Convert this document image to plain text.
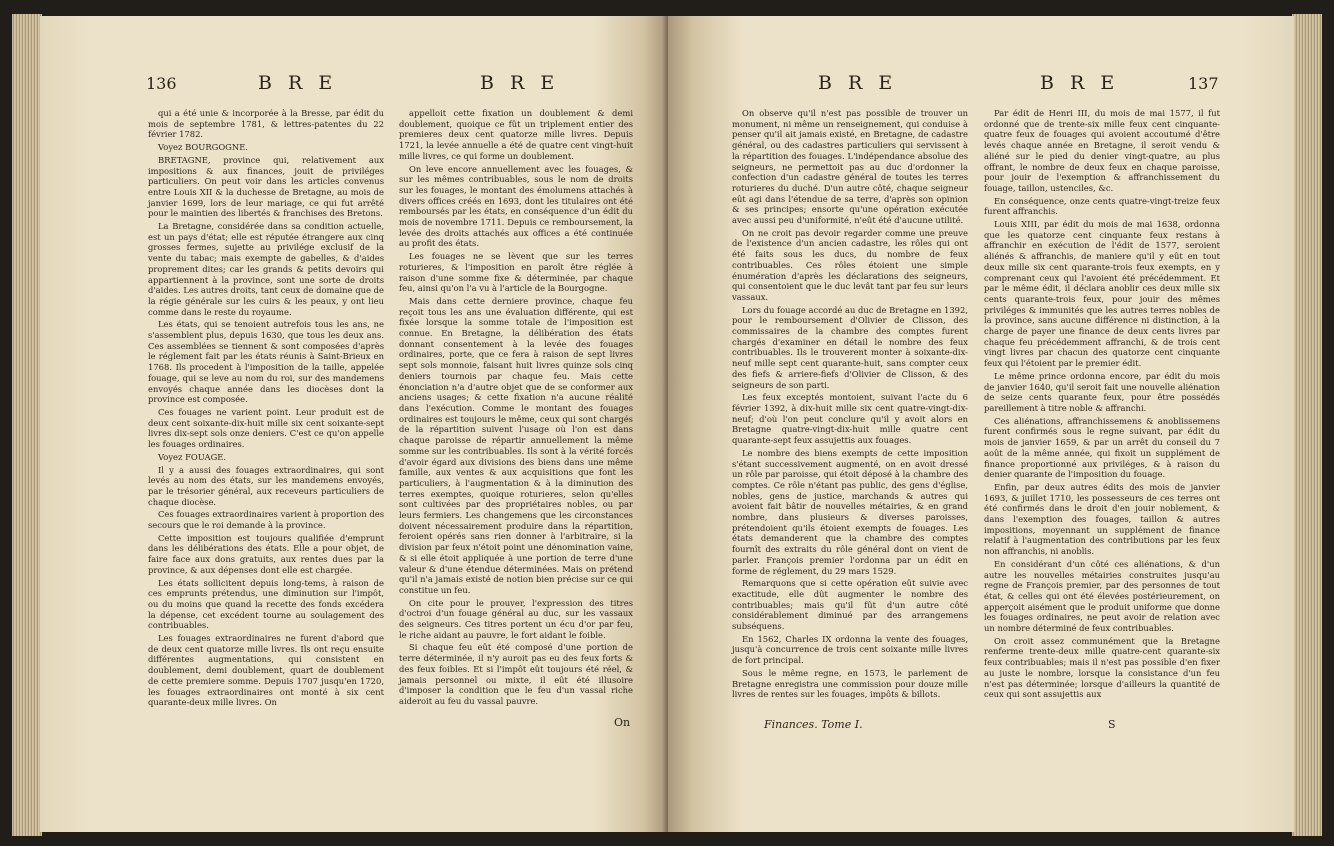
136	B R E	B R E

qui a été unie & incorporée à la Bresse, par édit du mois de septembre 1781, & lettres-patentes du 22 février 1782.

Voyez BOURGOGNE.

BRETAGNE, province qui, relativement aux impositions & aux finances, jouit de priviléges particuliers. On peut voir dans les articles convenus entre Louis XII & la duchesse de Bretagne, au mois de janvier 1699, lors de leur mariage, ce qui fut arrêté pour le maintien des libertés & franchises des Bretons.

La Bretagne, considérée dans sa condition actuelle, est un pays d'état; elle est réputée étrangere aux cinq grosses fermes, sujette au privilége exclusif de la vente du tabac; mais exempte de gabelles, & d'aides proprement dites; car les grands & petits devoirs qui appartiennent à la province, sont une sorte de droits d'aides. Les autres droits, tant ceux de domaine que de la régie générale sur les cuirs & les peaux, y ont lieu comme dans le reste du royaume.

Les états, qui se tenoient autrefois tous les ans, ne s'assemblent plus, depuis 1630, que tous les deux ans. Ces assemblées se tiennent & sont composées d'après le réglement fait par les états réunis à Saint-Brieux en 1768. Ils procedent à l'imposition de la taille, appelée fouage, qui se leve au nom du roi, sur des mandemens envoyés chaque année dans les diocèses dont la province est composée.

Ces fouages ne varient point. Leur produit est de deux cent soixante-dix-huit mille six cent soixante-sept livres dix-sept sols onze deniers. C'est ce qu'on appelle les fouages ordinaires.

Voyez FOUAGE.

Il y a aussi des fouages extraordinaires, qui sont levés au nom des états, sur les mandemens envoyés, par le trésorier général, aux receveurs particuliers de chaque diocèse.

Ces fouages extraordinaires varient à proportion des secours que le roi demande à la province.

Cette imposition est toujours qualifiée d'emprunt dans les délibérations des états. Elle a pour objet, de faire face aux dons gratuits, aux rentes dues par la province, & aux dépenses dont elle est chargée.

Les états sollicitent depuis long-tems, à raison de ces emprunts prétendus, une diminution sur l'impôt, ou du moins que quand la recette des fonds excédera la dépense, cet excédent tourne au soulagement des contribuables.

Les fouages extraordinaires ne furent d'abord que de deux cent quatorze mille livres. Ils ont reçu ensuite différentes augmentations, qui consistent en doublement, demi doublement, quart de doublement de cette premiere somme. Depuis 1707 jusqu'en 1720, les fouages extraordinaires ont monté à six cent quarante-deux mille livres. On

appelloit cette fixation un doublement & demi doublement, quoique ce fût un triplement entier des premieres deux cent quatorze mille livres. Depuis 1721, la levée annuelle a été de quatre cent vingt-huit mille livres, ce qui forme un doublement.

On leve encore annuellement avec les fouages, & sur les mêmes contribuables, sous le nom de droits sur les fouages, le montant des émolumens attachés à divers offices créés en 1693, dont les titulaires ont été remboursés par les états, en conséquence d'un édit du mois de novembre 1711. Depuis ce remboursement, la levée des droits attachés aux offices a été continuée au profit des états.

Les fouages ne se lèvent que sur les terres roturieres, & l'imposition en paroît être réglée à raison d'une somme fixe & déterminée, par chaque feu, ainsi qu'on l'a vu à l'article de la Bourgogne.

Mais dans cette derniere province, chaque feu reçoit tous les ans une évaluation différente, qui est fixée lorsque la somme totale de l'imposition est connue. En Bretagne, la délibération des états donnant consentement à la levée des fouages ordinaires, porte, que ce fera à raison de sept livres sept sols monnoie, faisant huit livres quinze sols cinq deniers tournois par chaque feu. Mais cette énonciation n'a d'autre objet que de se conformer aux anciens usages; & cette fixation n'a aucune réalité dans l'exécution. Comme le montant des fouages ordinaires est toujours le même, ceux qui sont chargés de la répartition suivent l'usage où l'on est dans chaque paroisse de répartir annuellement la même somme sur les contribuables. Ils sont à la vérité forcés d'avoir égard aux divisions des biens dans une même famille, aux ventes & aux acquisitions que font les particuliers, à l'augmentation & à la diminution des terres exemptes, quoique roturieres, selon qu'elles sont cultivées par des propriétaires nobles, ou par leurs fermiers. Les changemens que les circonstances doivent nécessairement produire dans la répartition, feroient opérés sans rien donner à l'arbitraire, si la division par feux n'étoit point une dénomination vaine, & si elle étoit appliquée à une portion de terre d'une valeur & d'une étendue déterminées. Mais on prétend qu'il n'a jamais existé de notion bien précise sur ce qui constitue un feu.

On cite pour le prouver, l'expression des titres d'octroi d'un fouage général au duc, sur les vassaux des seigneurs. Ces titres portent un écu d'or par feu, le riche aidant au pauvre, le fort aidant le foible.

Si chaque feu eût été composé d'une portion de terre déterminée, il n'y auroit pas eu des feux forts & des feux foibles. Et si l'impôt eût toujours été réel, & jamais personnel ou mixte, il eût été illusoire d'imposer la condition que le feu d'un vassal riche aideroit au feu du vassal pauvre.

On
B R E	B R E	137

On observe qu'il n'est pas possible de trouver un monument, ni même un renseignement, qui conduise à penser qu'il ait jamais existé, en Bretagne, de cadastre général, ou des cadastres particuliers qui servissent à la répartition des fouages. L'indépendance absolue des seigneurs, ne permettoit pas au duc d'ordonner la confection d'un cadastre général de toutes les terres roturieres du duché. D'un autre côté, chaque seigneur eût agi dans l'étendue de sa terre, d'après son opinion & ses principes; ensorte qu'une opération exécutée avec aussi peu d'uniformité, n'eût été d'aucune utilité.

On ne croit pas devoir regarder comme une preuve de l'existence d'un ancien cadastre, les rôles qui ont été faits sous les ducs, du nombre de feux contribuables. Ces rôles étoient une simple énumération d'après les déclarations des seigneurs, qui consentoient que le duc levât tant par feu sur leurs vassaux.

Lors du fouage accordé au duc de Bretagne en 1392, pour le remboursement d'Olivier de Clisson, des commissaires de la chambre des comptes furent chargés d'examiner en détail le nombre des feux contribuables. Ils le trouverent monter à soixante-dix-neuf mille sept cent quarante-huit, sans compter ceux des fiefs & arriere-fiefs d'Olivier de Clisson, & des seigneurs de son parti.

Les feux exceptés montoient, suivant l'acte du 6 février 1392, à dix-huit mille six cent quatre-vingt-dix-neuf; d'où l'on peut conclure qu'il y avoit alors en Bretagne quatre-vingt-dix-huit mille quatre cent quarante-sept feux assujettis aux fouages.

Le nombre des biens exempts de cette imposition s'étant successivement augmenté, on en avoit dressé un rôle par paroisse, qui étoit déposé à la chambre des comptes. Ce rôle n'étant pas public, des gens d'église, nobles, gens de justice, marchands & autres qui avoient fait bâtir de nouvelles métairies, & en grand nombre, dans plusieurs & diverses paroisses, prétendoient qu'ils étoient exempts de fouages. Les états demanderent que la chambre des comptes fournît des extraits du rôle général dont on vient de parler. François premier l'ordonna par un édit en forme de réglement, du 29 mars 1529.

Remarquons que si cette opération eût suivie avec exactitude, elle dût augmenter le nombre des contribuables; mais qu'il fût d'un autre côté considérablement diminué par des arrangemens subséquens.

En 1562, Charles IX ordonna la vente des fouages, jusqu'à concurrence de trois cent soixante mille livres de fort principal.

Sous le même regne, en 1573, le parlement de Bretagne enregistra une commission pour douze mille livres de rentes sur les fouages, impôts & billots.

Par édit de Henri III, du mois de mai 1577, il fut ordonné que de trente-six mille feux cent cinquante-quatre feux de fouages qui avoient accoutumé d'être levés chaque année en Bretagne, il seroit vendu & aliéné sur le pied du denier vingt-quatre, au plus offrant, le nombre de deux feux en chaque paroisse, pour jouir de l'exemption & affranchissement du fouage, taillon, ustenciles, &c.

En conséquence, onze cents quatre-vingt-treize feux furent affranchis.

Louis XIII, par édit du mois de mai 1638, ordonna que les quatorze cent cinquante feux restans à affranchir en exécution de l'édit de 1577, seroient aliénés & affranchis, de maniere qu'il y eût en tout deux mille six cent quarante-trois feux exempts, en y comprenant ceux qui l'avoient été précédemment. Et par le même édit, il déclara anoblir ces deux mille six cents quarante-trois feux, pour jouir des mêmes priviléges & immunités que les autres terres nobles de la province, sans aucune différence ni distinction, à la charge de payer une finance de deux cents livres par chaque feu précédemment affranchi, & de trois cent vingt livres par chacun des quatorze cent cinquante feux qui l'étoient par le premier édit.

Le même prince ordonna encore, par édit du mois de janvier 1640, qu'il seroit fait une nouvelle aliénation de seize cents quarante feux, pour être possédés pareillement à titre noble & affranchi.

Ces aliénations, affranchissemens & anoblissemens furent confirmés sous le regne suivant, par édit du mois de janvier 1659, & par un arrêt du conseil du 7 août de la même année, qui fixoit un supplément de finance proportionné aux priviléges, & à raison du denier quarante de l'imposition du fouage.

Enfin, par deux autres édits des mois de janvier 1693, & juillet 1710, les possesseurs de ces terres ont été confirmés dans le droit d'en jouir noblement, & dans l'exemption des fouages, taillon & autres impositions, moyennant un supplément de finance relatif à l'augmentation des contributions par les feux non affranchis, ni anoblis.

En considérant d'un côté ces aliénations, & d'un autre les nouvelles métairies construites jusqu'au regne de François premier, par des personnes de tout état, & celles qui ont été élevées postérieurement, on apperçoit aisément que le produit uniforme que donne les fouages ordinaires, ne peut avoir de relation avec un nombre déterminé de feux contribuables.

On croit assez communément que la Bretagne renferme trente-deux mille quatre-cent quarante-six feux contribuables; mais il n'est pas possible d'en fixer au juste le nombre, lorsque la consistance d'un feu n'est pas déterminée; lorsque d'ailleurs la quantité de ceux qui sont assujettis aux

Finances. Tome I.	S
